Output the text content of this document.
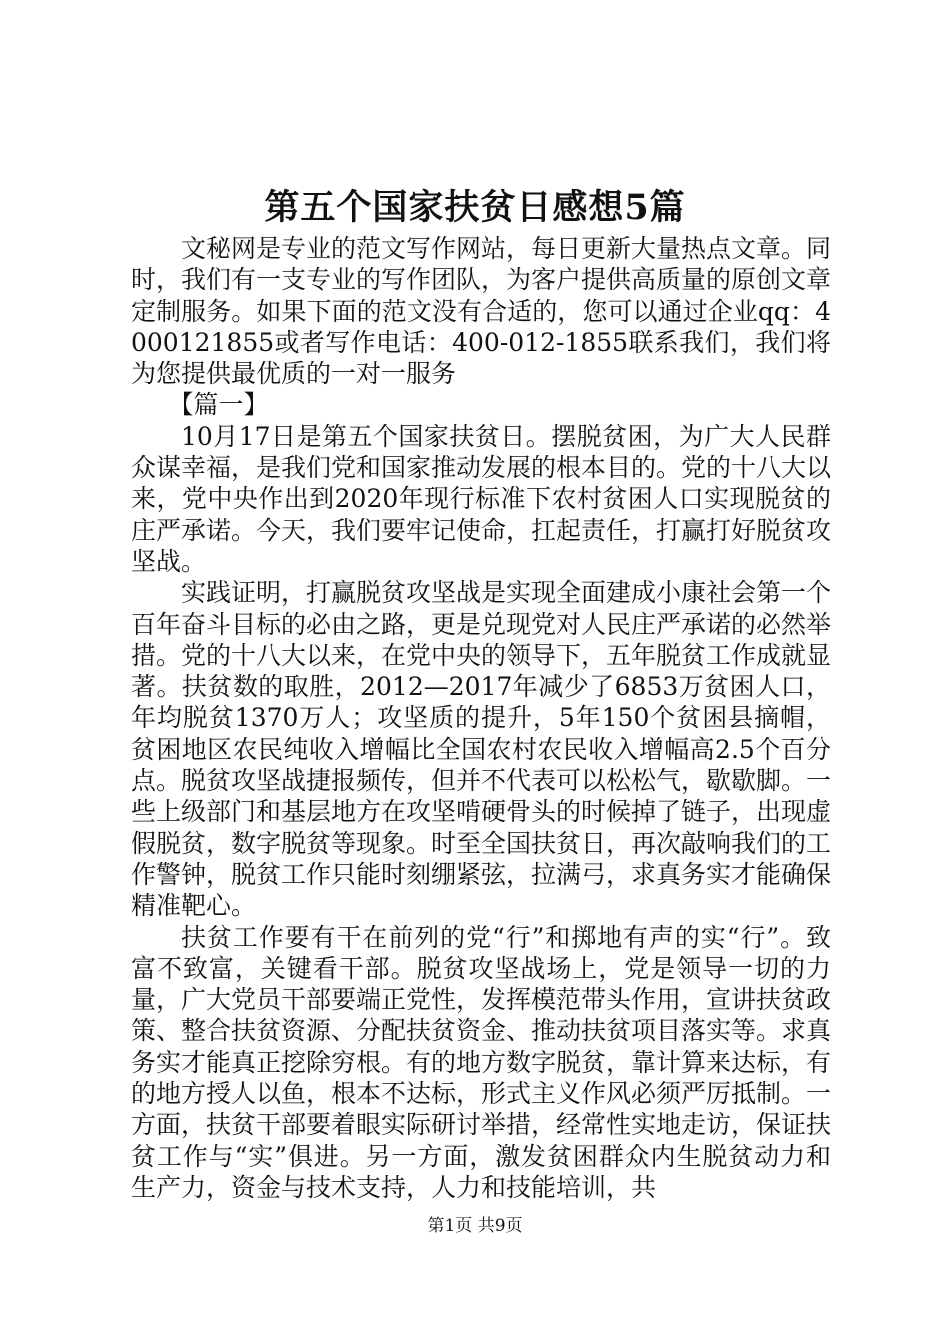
第五个国家扶贫日感想5篇

文秘网是专业的范文写作网站，每日更新大量热点文章。同时，我们有一支专业的写作团队，为客户提供高质量的原创文章定制服务。如果下面的范文没有合适的，您可以通过企业qq：4000121855或者写作电话：400-012-1855联系我们，我们将为您提供最优质的一对一服务

【篇一】

10月17日是第五个国家扶贫日。摆脱贫困，为广大人民群众谋幸福，是我们党和国家推动发展的根本目的。党的十八大以来，党中央作出到2020年现行标准下农村贫困人口实现脱贫的庄严承诺。今天，我们要牢记使命，扛起责任，打赢打好脱贫攻坚战。

实践证明，打赢脱贫攻坚战是实现全面建成小康社会第一个百年奋斗目标的必由之路，更是兑现党对人民庄严承诺的必然举措。党的十八大以来，在党中央的领导下，五年脱贫工作成就显著。扶贫数的取胜，2012—2017年减少了6853万贫困人口，年均脱贫1370万人；攻坚质的提升，5年150个贫困县摘帽，贫困地区农民纯收入增幅比全国农村农民收入增幅高2.5个百分点。脱贫攻坚战捷报频传，但并不代表可以松松气，歇歇脚。一些上级部门和基层地方在攻坚啃硬骨头的时候掉了链子，出现虚假脱贫，数字脱贫等现象。时至全国扶贫日，再次敲响我们的工作警钟，脱贫工作只能时刻绷紧弦，拉满弓，求真务实才能确保精准靶心。

扶贫工作要有干在前列的党“行”和掷地有声的实“行”。致富不致富，关键看干部。脱贫攻坚战场上，党是领导一切的力量，广大党员干部要端正党性，发挥模范带头作用，宣讲扶贫政策、整合扶贫资源、分配扶贫资金、推动扶贫项目落实等。求真务实才能真正挖除穷根。有的地方数字脱贫，靠计算来达标，有的地方授人以鱼，根本不达标，形式主义作风必须严厉抵制。一方面，扶贫干部要着眼实际研讨举措，经常性实地走访，保证扶贫工作与“实”俱进。另一方面，激发贫困群众内生脱贫动力和生产力，资金与技术支持，人力和技能培训，共

第1页 共9页
